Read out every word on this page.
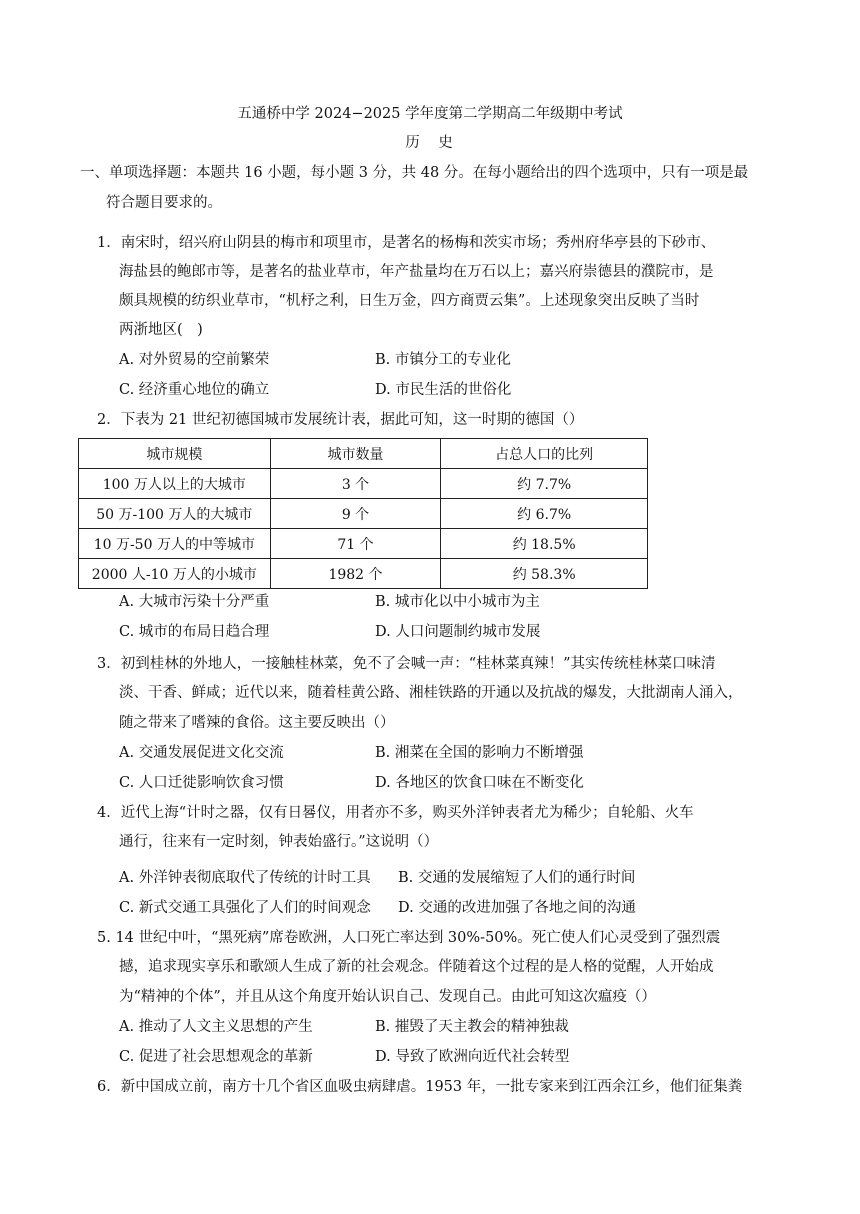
五通桥中学 2024−2025 学年度第二学期高二年级期中考试
历　史
一、单项选择题：本题共 16 小题，每小题 3 分，共 48 分。在每小题给出的四个选项中，只有一项是最
符合题目要求的。
1．南宋时，绍兴府山阴县的梅市和项里市，是著名的杨梅和茨实市场；秀州府华亭县的下砂市、
海盐县的鲍郎市等，是著名的盐业草市，年产盐量均在万石以上；嘉兴府崇德县的濮院市，是
颇具规模的纺织业草市，“机杼之利，日生万金，四方商贾云集”。上述现象突出反映了当时
两浙地区(　)
A. 对外贸易的空前繁荣	B. 市镇分工的专业化
C. 经济重心地位的确立	D. 市民生活的世俗化
2．下表为 21 世纪初德国城市发展统计表，据此可知，这一时期的德国（）
城市规模	城市数量	占总人口的比列
100 万人以上的大城市	3 个	约 7.7%
50 万-100 万人的大城市	9 个	约 6.7%
10 万-50 万人的中等城市	71 个	约 18.5%
2000 人-10 万人的小城市	1982 个	约 58.3%
A. 大城市污染十分严重	B. 城市化以中小城市为主
C. 城市的布局日趋合理	D. 人口问题制约城市发展
3．初到桂林的外地人，一接触桂林菜，免不了会喊一声：“桂林菜真辣！”其实传统桂林菜口味清
淡、干香、鲜咸；近代以来，随着桂黄公路、湘桂铁路的开通以及抗战的爆发，大批湖南人涌入，
随之带来了嗜辣的食俗。这主要反映出（）
A. 交通发展促进文化交流	B. 湘菜在全国的影响力不断增强
C. 人口迁徙影响饮食习惯	D. 各地区的饮食口味在不断变化
4．近代上海“计时之器，仅有日晷仪，用者亦不多，购买外洋钟表者尤为稀少；自轮船、火车
通行，往来有一定时刻，钟表始盛行。”这说明（）
A. 外洋钟表彻底取代了传统的计时工具 B. 交通的发展缩短了人们的通行时间
C. 新式交通工具强化了人们的时间观念 D. 交通的改进加强了各地之间的沟通
5. 14 世纪中叶，“黑死病”席卷欧洲，人口死亡率达到 30%-50%。死亡使人们心灵受到了强烈震
撼，追求现实享乐和歌颂人生成了新的社会观念。伴随着这个过程的是人格的觉醒，人开始成
为“精神的个体”，并且从这个角度开始认识自己、发现自己。由此可知这次瘟疫（）
A. 推动了人文主义思想的产生	B. 摧毁了天主教会的精神独裁
C. 促进了社会思想观念的革新	D. 导致了欧洲向近代社会转型
6．新中国成立前，南方十几个省区血吸虫病肆虐。1953 年，一批专家来到江西余江乡，他们征集粪
